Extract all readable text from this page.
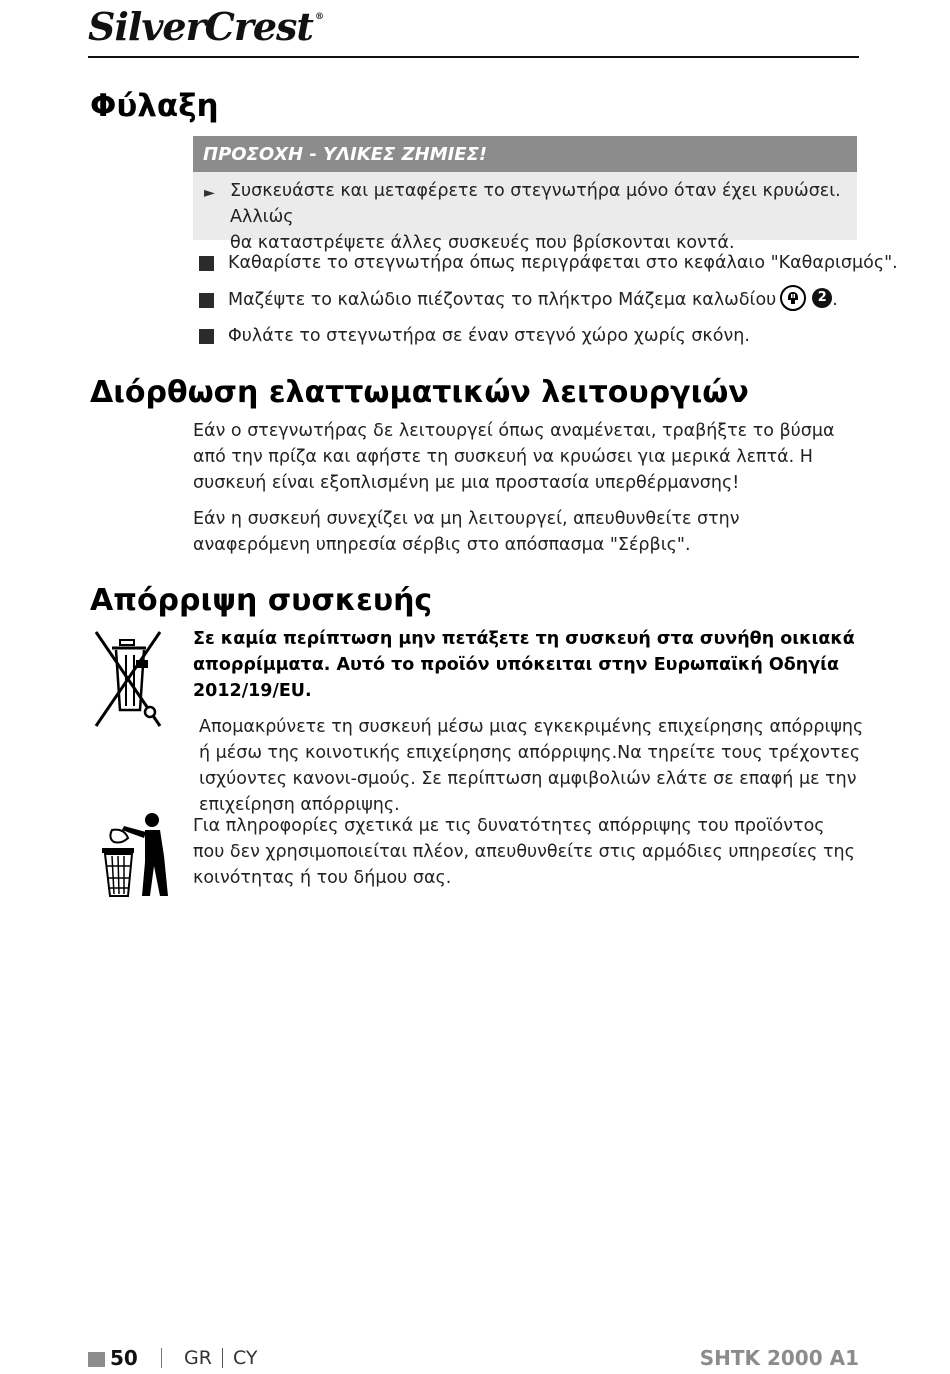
SilverCrest ®
Φύλαξη
ΠΡΟΣΟΧΗ - ΥΛΙΚΕΣ ΖΗΜΙΕΣ!
► Συσκευάστε και μεταφέρετε το στεγνωτήρα μόνο όταν έχει κρυώσει. Αλλιώς
θα καταστρέψετε άλλες συσκευές που βρίσκονται κοντά.
Καθαρίστε το στεγνωτήρα όπως περιγράφεται στο κεφάλαιο "Καθαρισμός".
Μαζέψτε το καλώδιο πιέζοντας το πλήκτρο Μάζεμα καλωδίου	2 .
Φυλάτε το στεγνωτήρα σε έναν στεγνό χώρο χωρίς σκόνη.
Διόρθωση ελαττωματικών λειτουργιών

Εάν ο στεγνωτήρας δε λειτουργεί όπως αναμένεται, τραβήξτε το βύσμα από την πρίζα και αφήστε τη συσκευή να κρυώσει για μερικά λεπτά. Η συσκευή είναι εξοπλισμένη με μια προστασία υπερθέρμανσης!

Εάν η συσκευή συνεχίζει να μη λειτουργεί, απευθυνθείτε στην αναφερόμενη υπηρεσία σέρβις στο απόσπασμα "Σέρβις".

Απόρριψη συσκευής

Σε καμία περίπτωση μην πετάξετε τη συσκευή στα συνήθη οικιακά απορρίμματα. Αυτό το προϊόν υπόκειται στην Ευρωπαϊκή Οδηγία 2012/19/EU.

Απομακρύνετε τη συσκευή μέσω μιας εγκεκριμένης επιχείρησης απόρριψης ή μέσω της κοινοτικής επιχείρησης απόρριψης.Να τηρείτε τους τρέχοντες ισχύοντες κανονι-σμούς. Σε περίπτωση αμφιβολιών ελάτε σε επαφή με την επιχείρηση απόρριψης.

Για πληροφορίες σχετικά με τις δυνατότητες απόρριψης του προϊόντος που δεν χρησιμοποιείται πλέον, απευθυνθείτε στις αρμόδιες υπηρεσίες της κοινότητας ή του δήμου σας.

50 GR CY	SHTK 2000 A1
